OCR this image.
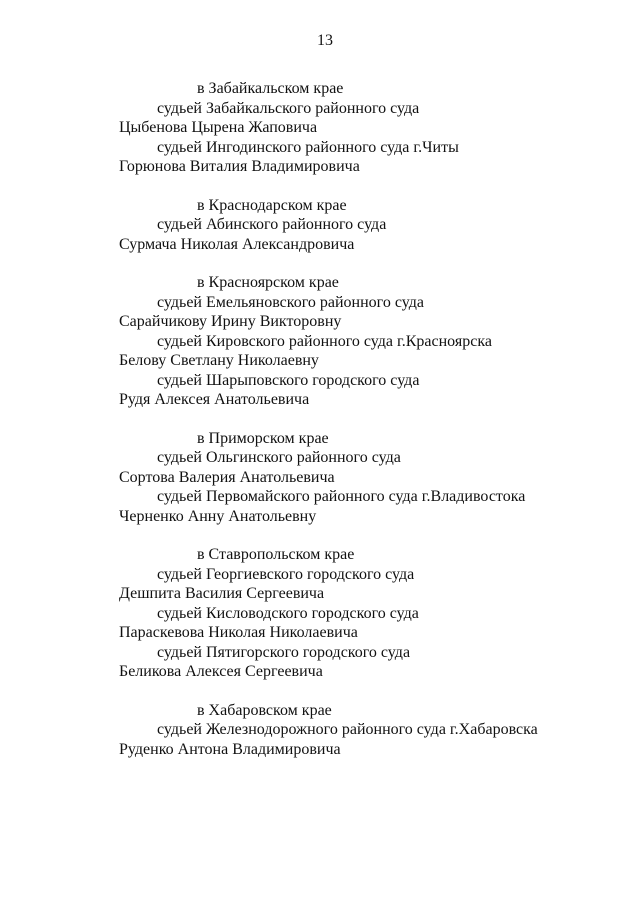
13
в Забайкальском крае
судьей Забайкальского районного суда
Цыбенова Цырена Жаповича
судьей Ингодинского районного суда г.Читы
Горюнова Виталия Владимировича
в Краснодарском крае
судьей Абинского районного суда
Сурмача Николая Александровича
в Красноярском крае
судьей Емельяновского районного суда
Сарайчикову Ирину Викторовну
судьей Кировского районного суда г.Красноярска
Белову Светлану Николаевну
судьей Шарыповского городского суда
Рудя Алексея Анатольевича
в Приморском крае
судьей Ольгинского районного суда
Сортова Валерия Анатольевича
судьей Первомайского районного суда г.Владивостока
Черненко Анну Анатольевну
в Ставропольском крае
судьей Георгиевского городского суда
Дешпита Василия Сергеевича
судьей Кисловодского городского суда
Параскевова Николая Николаевича
судьей Пятигорского городского суда
Беликова Алексея Сергеевича
в Хабаровском крае
судьей Железнодорожного районного суда г.Хабаровска
Руденко Антона Владимировича
